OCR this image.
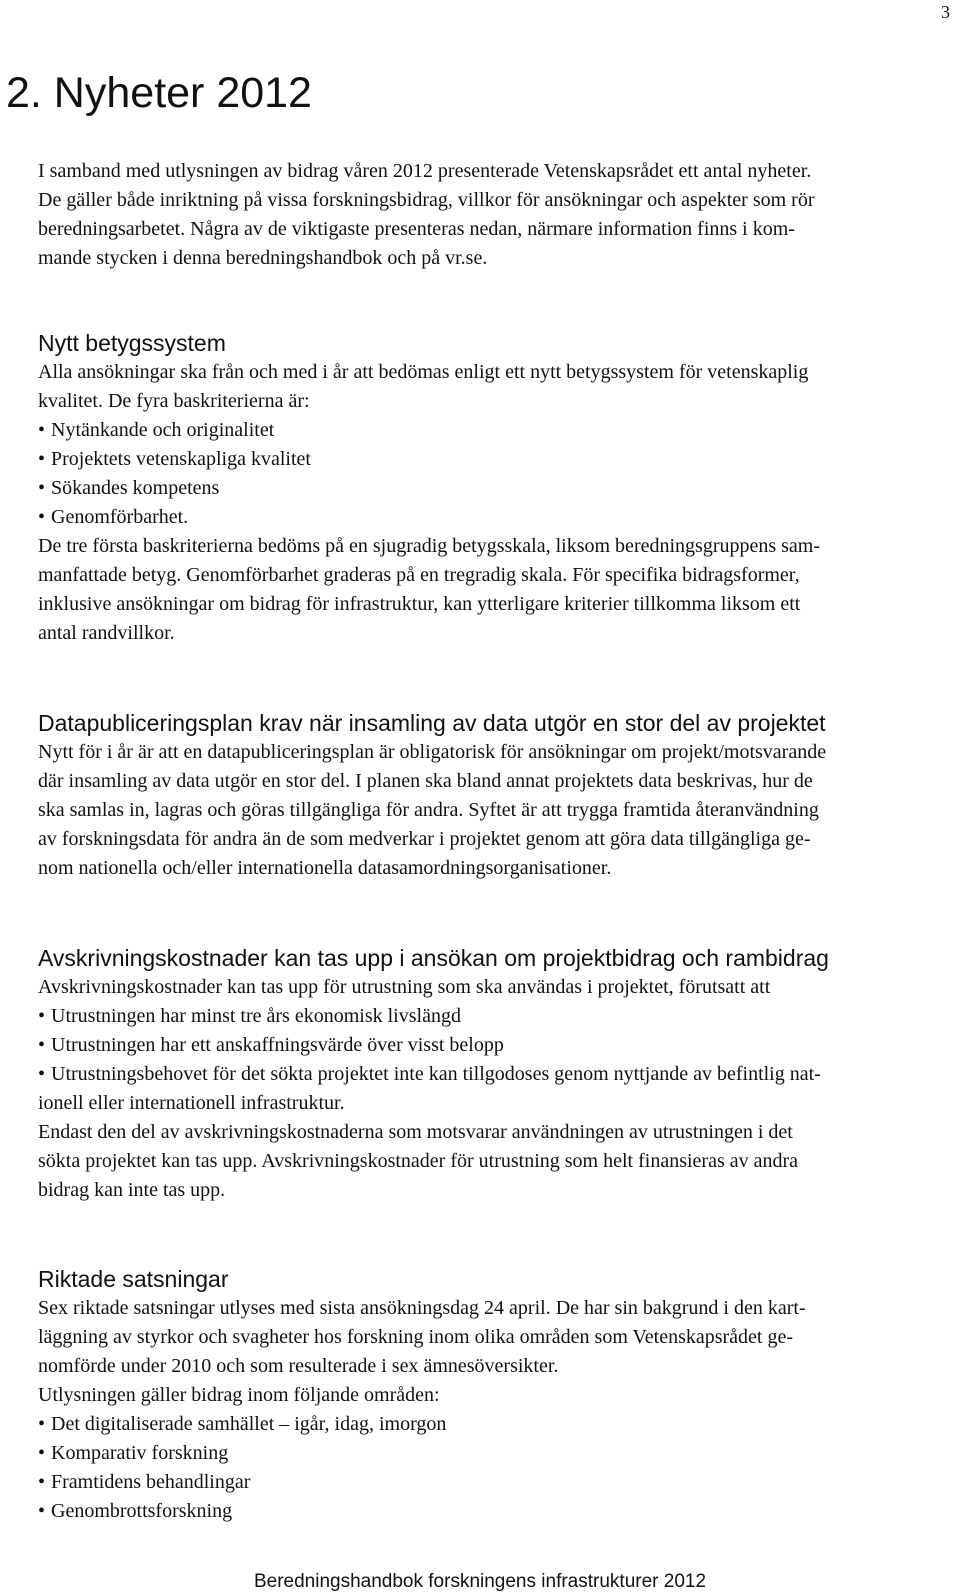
3
2. Nyheter 2012
I samband med utlysningen av bidrag våren 2012 presenterade Vetenskapsrådet ett antal nyheter.
De gäller både inriktning på vissa forskningsbidrag, villkor för ansökningar och aspekter som rör
beredningsarbetet. Några av de viktigaste presenteras nedan, närmare information finns i kom-
mande stycken i denna beredningshandbok och på vr.se.
Nytt betygssystem
Alla ansökningar ska från och med i år att bedömas enligt ett nytt betygssystem för vetenskaplig
kvalitet. De fyra baskriterierna är:
• Nytänkande och originalitet
• Projektets vetenskapliga kvalitet
• Sökandes kompetens
• Genomförbarhet.
De tre första baskriterierna bedöms på en sjugradig betygsskala, liksom beredningsgruppens sam-
manfattade betyg. Genomförbarhet graderas på en tregradig skala. För specifika bidragsformer,
inklusive ansökningar om bidrag för infrastruktur, kan ytterligare kriterier tillkomma liksom ett
antal randvillkor.
Datapubliceringsplan krav när insamling av data utgör en stor del av projektet
Nytt för i år är att en datapubliceringsplan är obligatorisk för ansökningar om projekt/motsvarande
där insamling av data utgör en stor del. I planen ska bland annat projektets data beskrivas, hur de
ska samlas in, lagras och göras tillgängliga för andra. Syftet är att trygga framtida återanvändning
av forskningsdata för andra än de som medverkar i projektet genom att göra data tillgängliga ge-
nom nationella och/eller internationella datasamordningsorganisationer.
Avskrivningskostnader kan tas upp i ansökan om projektbidrag och rambidrag
Avskrivningskostnader kan tas upp för utrustning som ska användas i projektet, förutsatt att
• Utrustningen har minst tre års ekonomisk livslängd
• Utrustningen har ett anskaffningsvärde över visst belopp
• Utrustningsbehovet för det sökta projektet inte kan tillgodoses genom nyttjande av befintlig nat-
ionell eller internationell infrastruktur.
Endast den del av avskrivningskostnaderna som motsvarar användningen av utrustningen i det
sökta projektet kan tas upp. Avskrivningskostnader för utrustning som helt finansieras av andra
bidrag kan inte tas upp.
Riktade satsningar
Sex riktade satsningar utlyses med sista ansökningsdag 24 april. De har sin bakgrund i den kart-
läggning av styrkor och svagheter hos forskning inom olika områden som Vetenskapsrådet ge-
nomförde under 2010 och som resulterade i sex ämnesöversikter.
Utlysningen gäller bidrag inom följande områden:
• Det digitaliserade samhället – igår, idag, imorgon
• Komparativ forskning
• Framtidens behandlingar
• Genombrottsforskning
Beredningshandbok forskningens infrastrukturer 2012
